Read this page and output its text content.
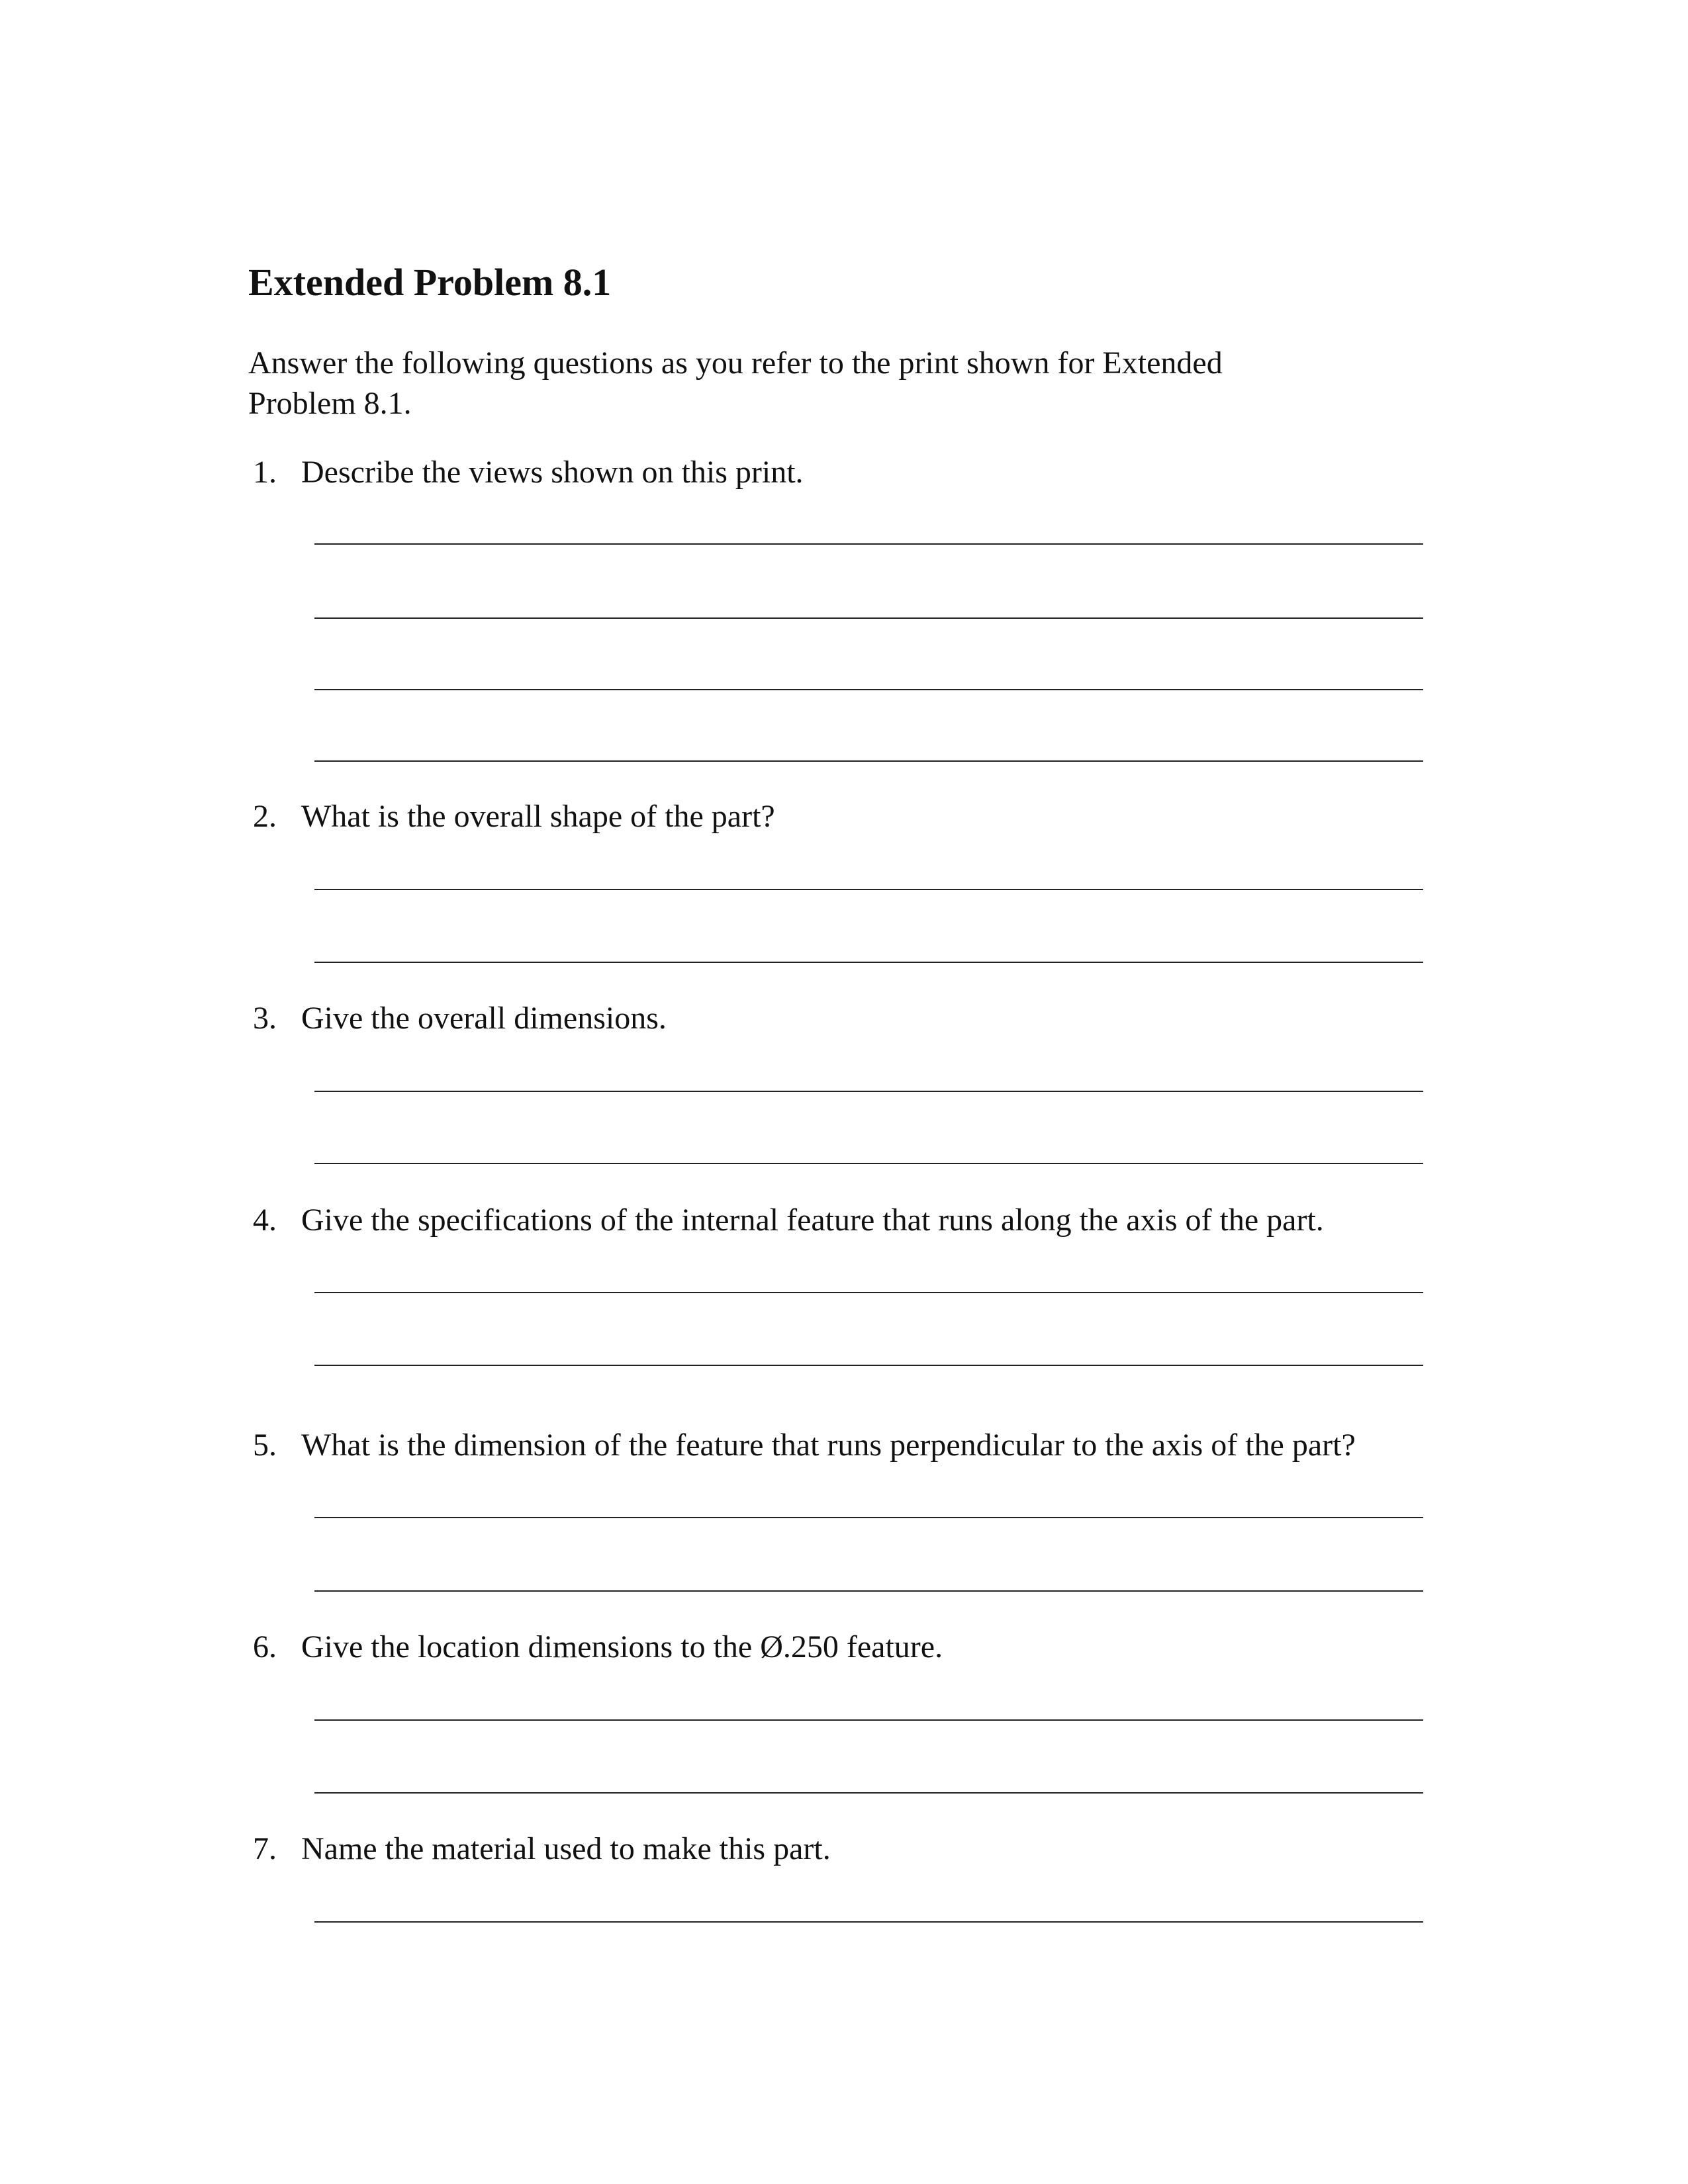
Extended Problem 8.1
Answer the following questions as you refer to the print shown for Extended Problem 8.1.
1. Describe the views shown on this print.
2. What is the overall shape of the part?
3. Give the overall dimensions.
4. Give the specifications of the internal feature that runs along the axis of the part.
5. What is the dimension of the feature that runs perpendicular to the axis of the part?
6. Give the location dimensions to the Ø.250 feature.
7. Name the material used to make this part.
